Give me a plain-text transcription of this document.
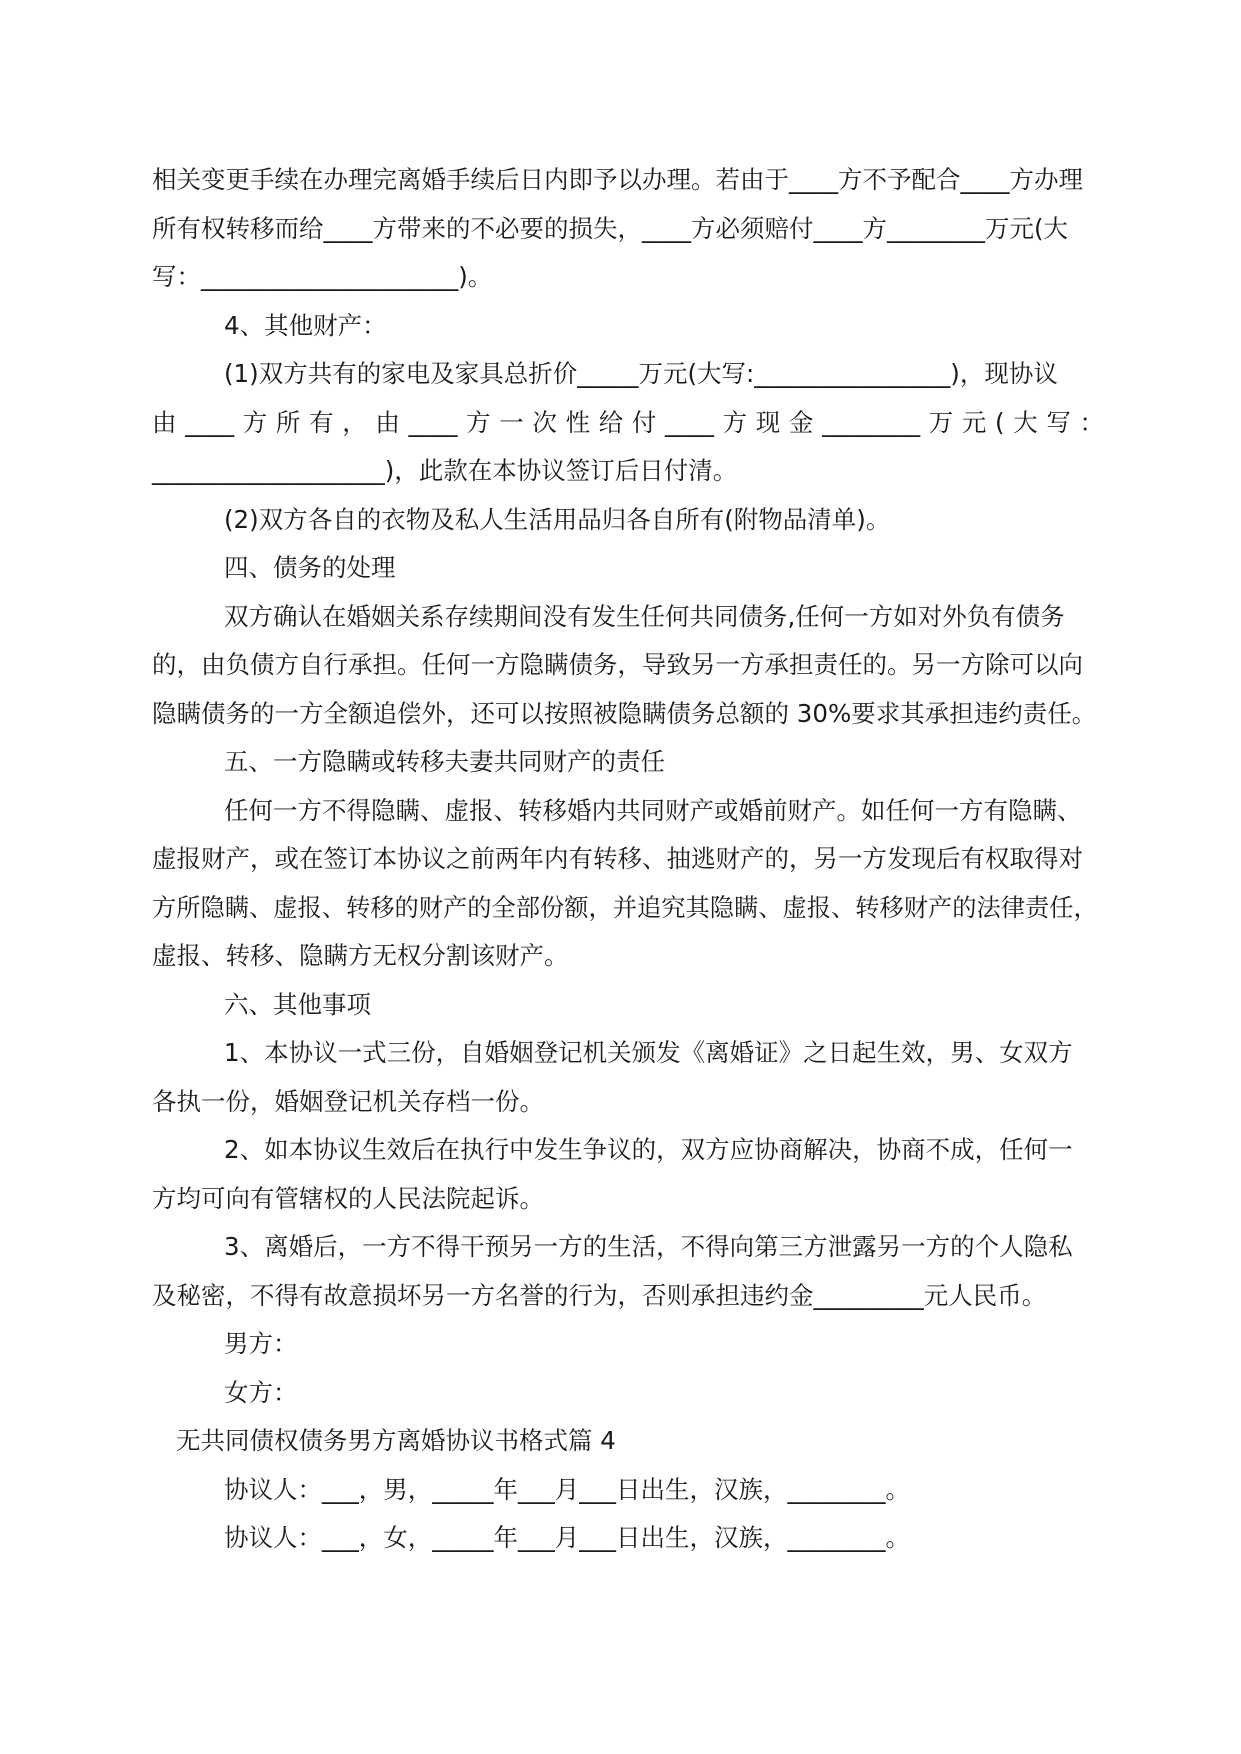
相关变更手续在办理完离婚手续后日内即予以办理。若由于____方不予配合____方办理
所有权转移而给____方带来的不必要的损失，____方必须赔付____方________万元(大
写：_____________________)。
4、其他财产：
(1)双方共有的家电及家具总折价_____万元(大写:________________)，现协议
由____方所有，由____方一次性给付____方现金________万元(大写：
___________________)，此款在本协议签订后日付清。
(2)双方各自的衣物及私人生活用品归各自所有(附物品清单)。
四、债务的处理
双方确认在婚姻关系存续期间没有发生任何共同债务,任何一方如对外负有债务
的，由负债方自行承担。任何一方隐瞒债务，导致另一方承担责任的。另一方除可以向
隐瞒债务的一方全额追偿外，还可以按照被隐瞒债务总额的 30%要求其承担违约责任。
五、一方隐瞒或转移夫妻共同财产的责任
任何一方不得隐瞒、虚报、转移婚内共同财产或婚前财产。如任何一方有隐瞒、
虚报财产，或在签订本协议之前两年内有转移、抽逃财产的，另一方发现后有权取得对
方所隐瞒、虚报、转移的财产的全部份额，并追究其隐瞒、虚报、转移财产的法律责任，
虚报、转移、隐瞒方无权分割该财产。
六、其他事项
1、本协议一式三份，自婚姻登记机关颁发《离婚证》之日起生效，男、女双方
各执一份，婚姻登记机关存档一份。
2、如本协议生效后在执行中发生争议的，双方应协商解决，协商不成，任何一
方均可向有管辖权的人民法院起诉。
3、离婚后，一方不得干预另一方的生活，不得向第三方泄露另一方的个人隐私
及秘密，不得有故意损坏另一方名誉的行为，否则承担违约金_________元人民币。
男方：
女方：
无共同债权债务男方离婚协议书格式篇 4
协议人：___，男，_____年___月___日出生，汉族，________。
协议人：___，女，_____年___月___日出生，汉族，________。
